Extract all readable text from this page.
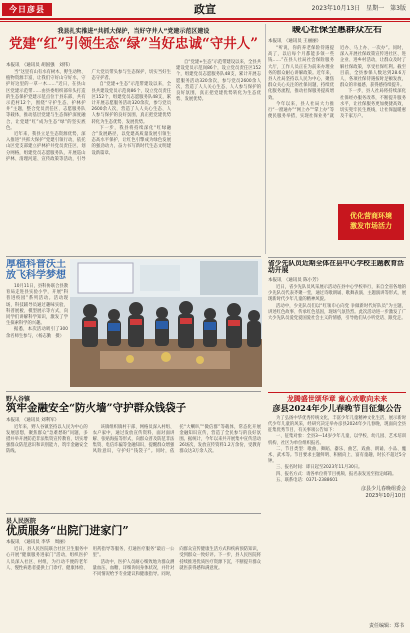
今日彦县	政宣	2023年10月13日　星期一　第3版
我县扎实推进“共抓大保护，当好守井人”党建示范区建设
党建“红”引领生态“绿”当好忠诚“守井人”
本报讯　（通讯员 胡国强　刘伟）

当“这里有山有水有树木，野生动物、植物资源丰富，让我们守好山守好水，守护好这里的一草一木……”近日，在县山区党建示范带……由县委组织部牵头打造的生态保护党建示范点位于县东部，共有示范村12个，围绕“守护生态、护林护井”主题，整合党员责任区、志愿服务队等载体，推动基层党建与生态保护深度融合，让党建“红”成为生态“绿”的坚实底色。

近年来，我县立足生态资源优势，深入推进“共抓大保护”党建引领行动，依托山区党支部建立护林护井党员责任区、划分网格，组建党员志愿服务队，开展巡山护林、清理河道、宣传政策等活动，引导广大党员带头参与生态保护，切实当好生态守护者。

自“党建+生态”示范带建设以来，全县共建设党员示范岗86个，设立党员责任区152个，组建党员志愿服务队48支，累计开展志愿服务活动320余次，参与党员2600余人次，营造了人人关心生态、人人参与保护的良好氛围，真正把党建优势转化为生态优势、发展优势。

下一步，我县将持续深化“红绿融合”发展路径，以党建高质量发展引领生态高水平保护，让红色引擎成为绿色发展的强劲动力，奋力书写新时代生态文明建设新篇章。

自“党建+生态”示范带建设以来，全县共建设党员示范岗86个，设立党员责任区152个，组建党员志愿服务队48支，累计开展志愿服务活动320余次，参与党员2600余人次，营造了人人关心生态、人人参与保护的良好氛围，真正把党建优势转化为生态优势、发展优势。

厚植科普沃土 放飞科学梦想

10月11日，县科协联合县教育局走进县实验小学，开展“科普进校园”系列活动。活动现场，科技辅导员通过趣味实验、科普展板、模型展示等方式，向同学们讲解科学知识，激发了学生探索科学的兴趣。

据悉，本次活动吸引了300余名师生参与，（杨志勤　摄）

省少先队员近期全体在县中心学校主题教育活动开展
本报讯　（通讯员 陈小芳）

近日，省少先队员风采展示活动在县中心学校举行，来自全省各地的少先队员代表齐聚一堂，通过诗歌朗诵、歌舞表演、主题演讲等形式，展现新时代少年儿童的精神风貌。

活动中，少先队员们以“红领巾心向党 争做新时代好队员”为主题，讲述红色故事、传承红色基因，现场气氛热烈。此次活动进一步激发了广大少先队员爱党爱国爱社会主义的情感，引导他们从小听党话、跟党走。

野人谷镇
筑牢金融安全“防火墙”守护群众钱袋子
本报讯　（通讯员 刘利军）

近年来，野人谷镇坚持以人民为中心的发展思想，聚焦群众“急难愁盼”问题，多措并举开展防范非法集资宣传教育，切实增强群众防范意识和识别能力，筑牢金融安全防线。

该镇组织镇村干部、网格员深入村组、农户家中，通过发放宣传资料、面对面讲解、张贴海报等形式，向群众普及防范非法集资、电信诈骗等金融知识，提醒群众增强风险意识，守护好“钱袋子”。同时，依托“大喇叭”“微信群”等载体，常态化开展金融知识宣传，营造了全民参与的良好氛围。据统计，今年以来共开展集中宣传活动26场次，发放宣传资料1.2万余份，受教育群众达3万余人次。

县人民医院
优质服务“出院门进家门”
本报讯　（通讯员 李华　周丽）

近日，县人民医院联合社区卫生服务中心开展“健康服务进家门”活动，组织医护人员深入社区、村组，为行动不便的老年人、慢性病患者提供上门诊疗、健康体检、用药指导等服务，打通医疗服务“最后一公里”。

活动中，医护人员耐心细致地为群众测量血压、血糖，详细询问身体状况，并针对不同情况给予专业建议和健康指导。同时，向群众宣传健康生活方式和疾病预防知识，受到群众一致好评。下一步，县人民医院将持续推进优质医疗资源下沉，不断提升群众就医获得感和满意度。

暖心社保全惠群众左右
本报讯　（通讯员 王丽丽）

“听说，你的养老保险待遇提高了，以后每个月都能多领一些钱……”在县人社局社会保险服务大厅，工作人员正在为前来办理业务的群众耐心讲解政策。近年来，县人社局坚持以人民为中心，聚焦群众关心关注的社保问题，持续优化服务流程，推动社保服务提质增效。

今年以来，县人社局大力推行“一窗通办”“网上办”“掌上办”等便民服务举措，实现社保业务“就近办、马上办、一次办”。同时，深入开展社保政策宣传进社区、进企业、进乡村活动，让群众及时了解社保政策，享受社保红利。截至目前，全县参保人数达到28.6万人，各项社保待遇按时足额发放，群众的幸福感、获得感持续提升。

下一步，县人社局将持续深化社保经办服务改革，不断提升服务水平，让社保服务更加便捷高效，切实兜牢民生底线，让社保温暖惠及千家万户。

优化营商环境
激发市场活力
龙腾盛世颂华章 童心欢歌向未来
彦县2024年少儿春晚节目征集公告

为了弘扬中华优秀传统文化，丰富少年儿童精神文化生活，展示新时代少年儿童的风采，经研究决定举办彦县2024年少儿春晚，现面向全县征集优秀节目，有关事项公告如下：

一、征集对象：全县3—14岁少年儿童，以学校、幼儿园、艺术培训机构、社区为单位组织报名。

二、节目类型：歌曲、舞蹈、器乐、曲艺、戏曲、朗诵、小品、魔术、武术等。节目要求主题鲜明、积极向上、富有童趣，时长不超过5分钟。

三、报名时间：即日起至2023年11月30日。

四、报名方式：请各单位将节目视频、报名表发送至指定邮箱。

五、联系电话：0371-2388601

彦县少儿春晚组委会
2023年10月10日
责任编辑：郑书
